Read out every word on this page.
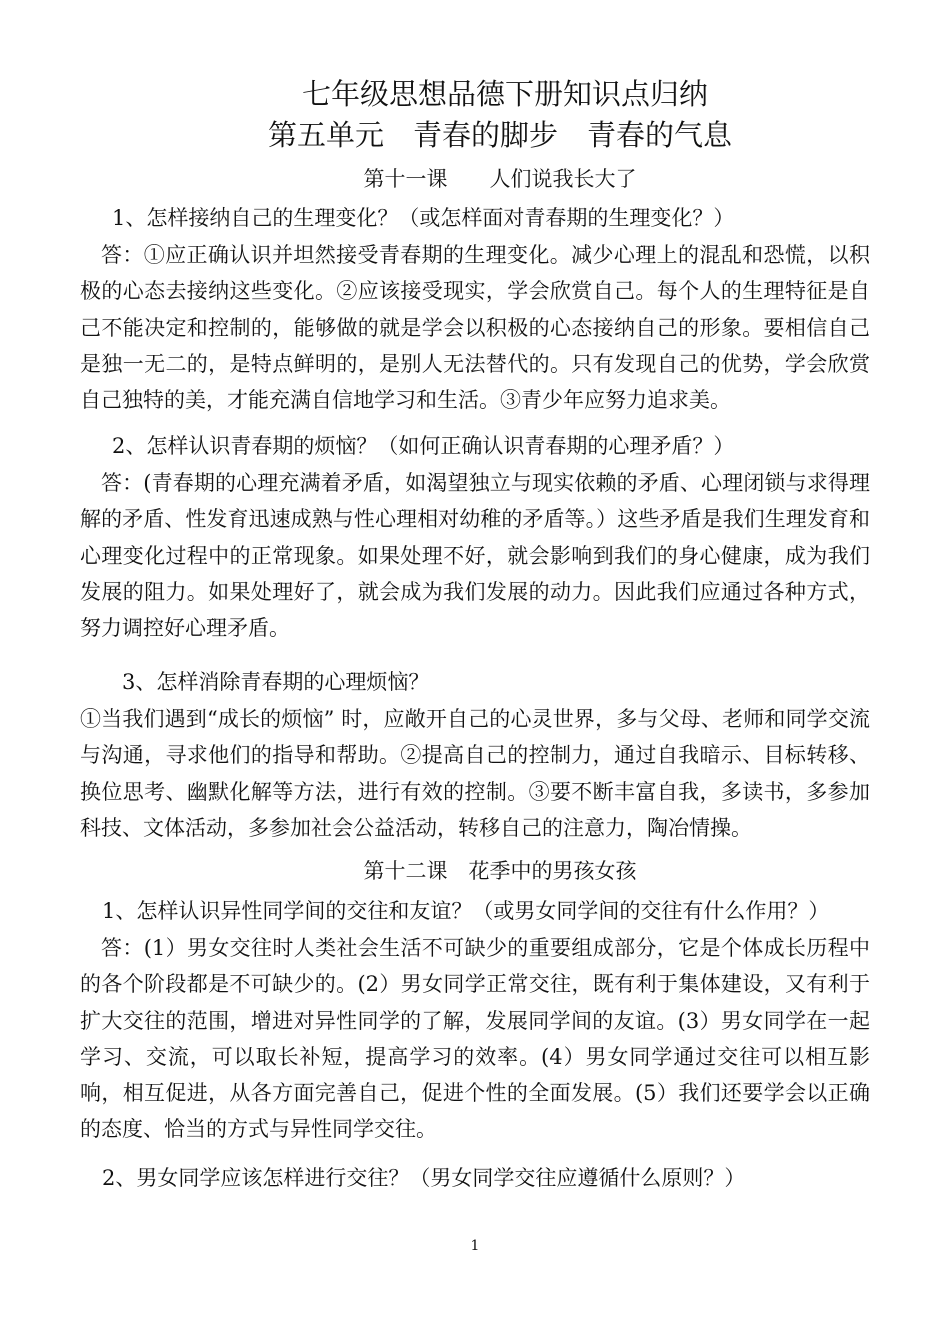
七年级思想品德下册知识点归纳
第五单元　青春的脚步　青春的气息
第十一课　　人们说我长大了
1、怎样接纳自己的生理变化？（或怎样面对青春期的生理变化？）
答：①应正确认识并坦然接受青春期的生理变化。减少心理上的混乱和恐慌，以积极的心态去接纳这些变化。②应该接受现实，学会欣赏自己。每个人的生理特征是自己不能决定和控制的，能够做的就是学会以积极的心态接纳自己的形象。要相信自己是独一无二的，是特点鲜明的，是别人无法替代的。只有发现自己的优势，学会欣赏自己独特的美，才能充满自信地学习和生活。③青少年应努力追求美。
2、怎样认识青春期的烦恼？（如何正确认识青春期的心理矛盾？）
答：(青春期的心理充满着矛盾，如渴望独立与现实依赖的矛盾、心理闭锁与求得理解的矛盾、性发育迅速成熟与性心理相对幼稚的矛盾等。）这些矛盾是我们生理发育和心理变化过程中的正常现象。如果处理不好，就会影响到我们的身心健康，成为我们发展的阻力。如果处理好了，就会成为我们发展的动力。因此我们应通过各种方式，努力调控好心理矛盾。
3、怎样消除青春期的心理烦恼？
①当我们遇到“成长的烦恼” 时，应敞开自己的心灵世界，多与父母、老师和同学交流与沟通，寻求他们的指导和帮助。②提高自己的控制力，通过自我暗示、目标转移、换位思考、幽默化解等方法，进行有效的控制。③要不断丰富自我，多读书，多参加科技、文体活动，多参加社会公益活动，转移自己的注意力，陶冶情操。
第十二课　花季中的男孩女孩
1、怎样认识异性同学间的交往和友谊？（或男女同学间的交往有什么作用？）
答：(1）男女交往时人类社会生活不可缺少的重要组成部分，它是个体成长历程中的各个阶段都是不可缺少的。(2）男女同学正常交往，既有利于集体建设，又有利于扩大交往的范围，增进对异性同学的了解，发展同学间的友谊。(3）男女同学在一起学习、交流，可以取长补短，提高学习的效率。(4）男女同学通过交往可以相互影响，相互促进，从各方面完善自己，促进个性的全面发展。(5）我们还要学会以正确的态度、恰当的方式与异性同学交往。
2、男女同学应该怎样进行交往？（男女同学交往应遵循什么原则？）
1
